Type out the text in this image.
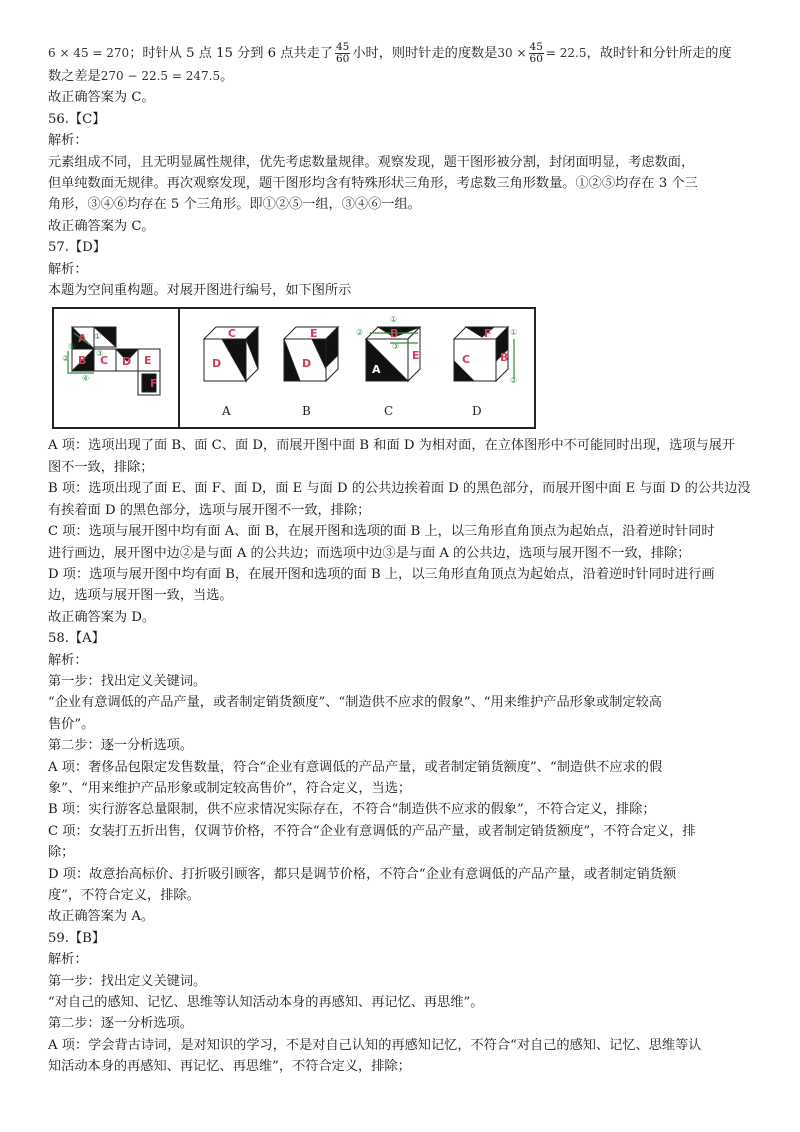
6 × 45 = 270；时针从 5 点 15 分到 6 点共走了 $\frac{45}{60}$ 小时，则时针走的度数是$30 \times \frac{45}{60} = 22.5$，故时针和分针所走的度
数之差是270 − 22.5 = 247.5。
故正确答案为 C。
56.【C】
解析：
元素组成不同，且无明显属性规律，优先考虑数量规律。观察发现，题干图形被分割，封闭面明显，考虑数面，
但单纯数面无规律。再次观察发现，题干图形均含有特殊形状三角形，考虑数三角形数量。①②⑤均存在 3 个三
角形，③④⑥均存在 5 个三角形。即①②⑤一组，③④⑥一组。
故正确答案为 C。
57.【D】
解析：
本题为空间重构题。对展开图进行编号，如下图所示
A
B C D E
F
①
②
③
④
⑤
C
D
A
E
D
B
B
A
E
①
②
③
C
F
C	B
①
②
D
A 项：选项出现了面 B、面 C、面 D，而展开图中面 B 和面 D 为相对面，在立体图形中不可能同时出现，选项与展开
图不一致，排除；
B 项：选项出现了面 E、面 F、面 D，面 E 与面 D 的公共边挨着面 D 的黑色部分，而展开图中面 E 与面 D 的公共边没
有挨着面 D 的黑色部分，选项与展开图不一致，排除；
C 项：选项与展开图中均有面 A、面 B，在展开图和选项的面 B 上，以三角形直角顶点为起始点，沿着逆时针同时
进行画边，展开图中边②是与面 A 的公共边；而选项中边③是与面 A 的公共边，选项与展开图不一致，排除；
D 项：选项与展开图中均有面 B，在展开图和选项的面 B 上，以三角形直角顶点为起始点，沿着逆时针同时进行画
边，选项与展开图一致，当选。
故正确答案为 D。
58.【A】
解析：
第一步：找出定义关键词。
“企业有意调低的产品产量，或者制定销货额度”、“制造供不应求的假象”、“用来维护产品形象或制定较高
售价”。
第二步：逐一分析选项。
A 项：奢侈品包限定发售数量，符合“企业有意调低的产品产量，或者制定销货额度”、“制造供不应求的假
象”、“用来维护产品形象或制定较高售价”，符合定义，当选；
B 项：实行游客总量限制，供不应求情况实际存在，不符合“制造供不应求的假象”，不符合定义，排除；
C 项：女装打五折出售，仅调节价格，不符合“企业有意调低的产品产量，或者制定销货额度”，不符合定义，排
除；
D 项：故意抬高标价、打折吸引顾客，都只是调节价格，不符合“企业有意调低的产品产量，或者制定销货额
度”，不符合定义，排除。
故正确答案为 A。
59.【B】
解析：
第一步：找出定义关键词。
“对自己的感知、记忆、思维等认知活动本身的再感知、再记忆、再思维”。
第二步：逐一分析选项。
A 项：学会背古诗词，是对知识的学习，不是对自己认知的再感知记忆，不符合“对自己的感知、记忆、思维等认
知活动本身的再感知、再记忆、再思维”，不符合定义，排除；
